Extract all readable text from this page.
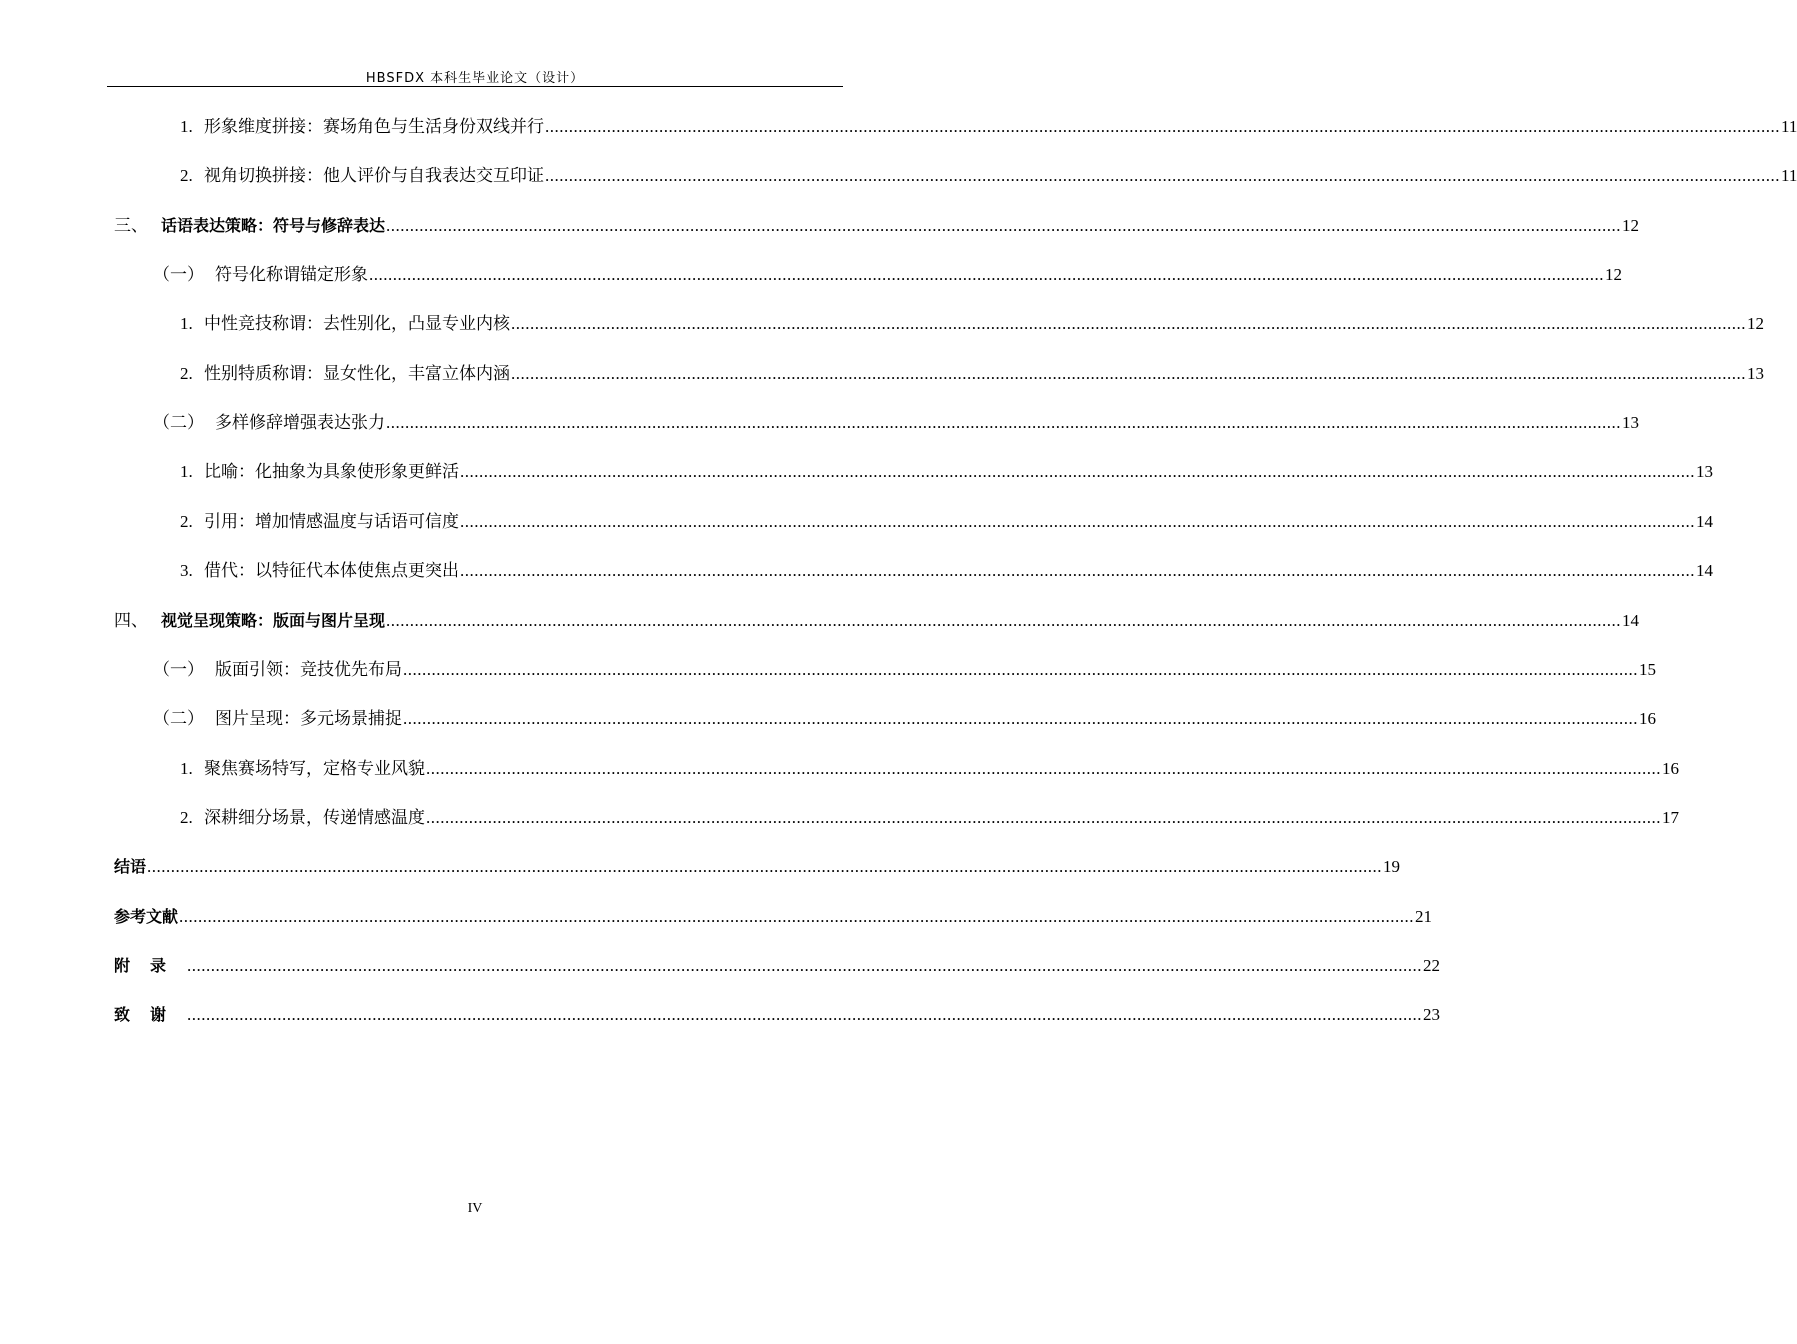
HBSFDX 本科生毕业论文（设计）
1. 形象维度拼接：赛场角色与生活身份双线并行 .................................................................................................................................................................................................................................................................... 11
2. 视角切换拼接：他人评价与自我表达交互印证 .................................................................................................................................................................................................................................................................... 11
三、 话语表达策略：符号与修辞表达 .................................................................................................................................................................................................................................................................... 12
（一） 符号化称谓锚定形象 .................................................................................................................................................................................................................................................................... 12
1. 中性竞技称谓：去性别化，凸显专业内核 .................................................................................................................................................................................................................................................................... 12
2. 性别特质称谓：显女性化，丰富立体内涵 .................................................................................................................................................................................................................................................................... 13
（二） 多样修辞增强表达张力 .................................................................................................................................................................................................................................................................... 13
1. 比喻：化抽象为具象使形象更鲜活 .................................................................................................................................................................................................................................................................... 13
2. 引用：增加情感温度与话语可信度 .................................................................................................................................................................................................................................................................... 14
3. 借代：以特征代本体使焦点更突出 .................................................................................................................................................................................................................................................................... 14
四、 视觉呈现策略：版面与图片呈现 .................................................................................................................................................................................................................................................................... 14
（一） 版面引领：竞技优先布局 .................................................................................................................................................................................................................................................................... 15
（二） 图片呈现：多元场景捕捉 .................................................................................................................................................................................................................................................................... 16
1. 聚焦赛场特写，定格专业风貌 .................................................................................................................................................................................................................................................................... 16
2. 深耕细分场景，传递情感温度 .................................................................................................................................................................................................................................................................... 17
结语 .................................................................................................................................................................................................................................................................... 19
参考文献 .................................................................................................................................................................................................................................................................... 21
附录 .................................................................................................................................................................................................................................................................... 22
致谢 .................................................................................................................................................................................................................................................................... 23
IV
